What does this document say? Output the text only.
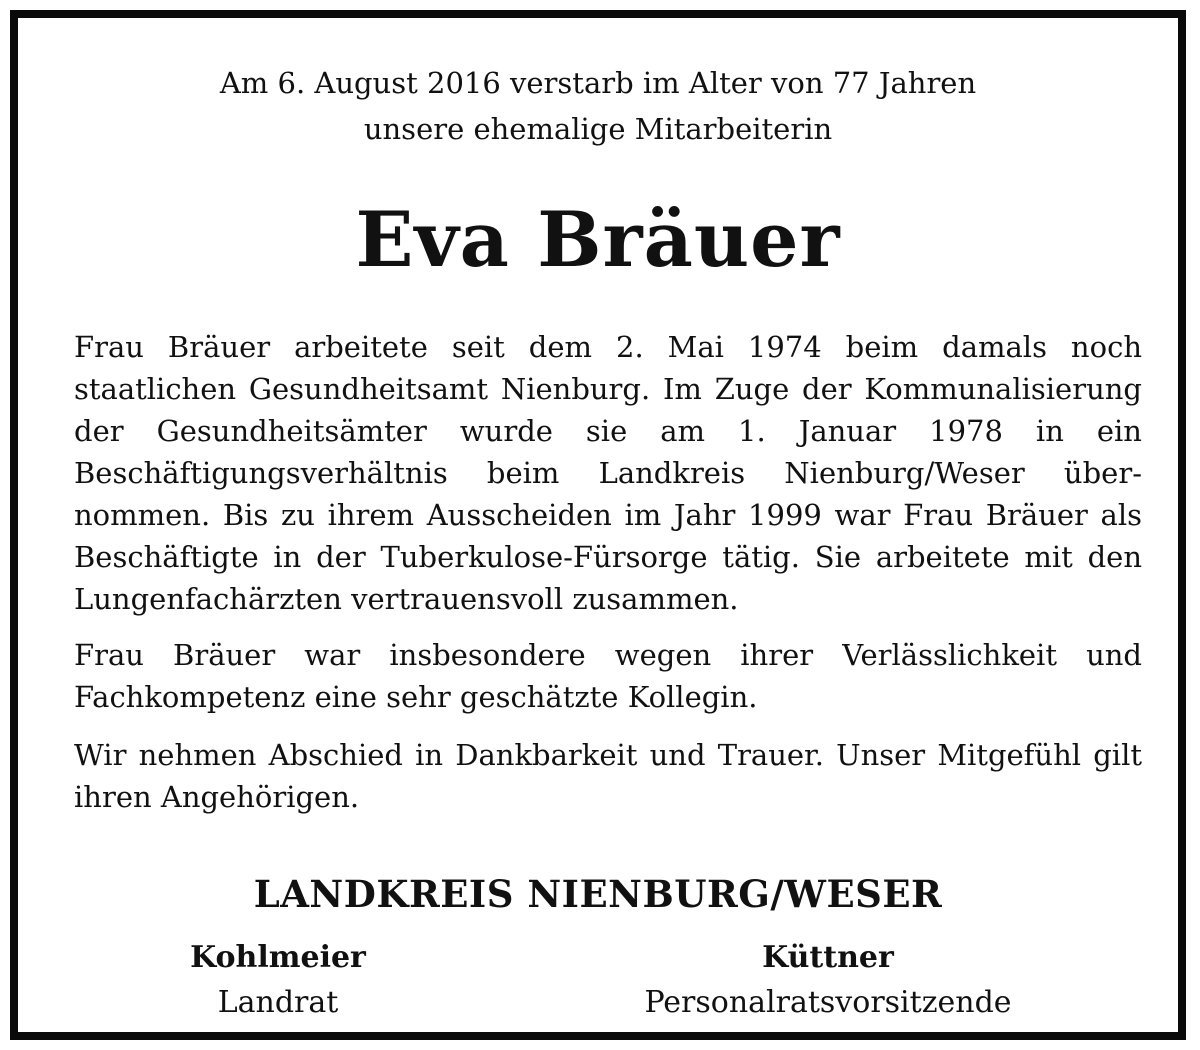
Am 6. August 2016 verstarb im Alter von 77 Jahren
unsere ehemalige Mitarbeiterin
Eva Bräuer
Frau Bräuer arbeitete seit dem 2. Mai 1974 beim damals noch staatlichen Gesundheitsamt Nienburg. Im Zuge der Kommunalisierung der Gesundheitsämter wurde sie am 1. Januar 1978 in ein Beschäftigungsverhältnis beim Landkreis Nienburg/Weser übernommen. Bis zu ihrem Ausscheiden im Jahr 1999 war Frau Bräuer als Beschäftigte in der Tuberkulose-Fürsorge tätig. Sie arbeitete mit den Lungenfachärzten vertrauensvoll zusammen.
Frau Bräuer war insbesondere wegen ihrer Verlässlichkeit und Fachkompetenz eine sehr geschätzte Kollegin.
Wir nehmen Abschied in Dankbarkeit und Trauer. Unser Mitgefühl gilt ihren Angehörigen.
LANDKREIS NIENBURG/WESER
Kohlmeier
Landrat
Küttner
Personalratsvorsitzende
